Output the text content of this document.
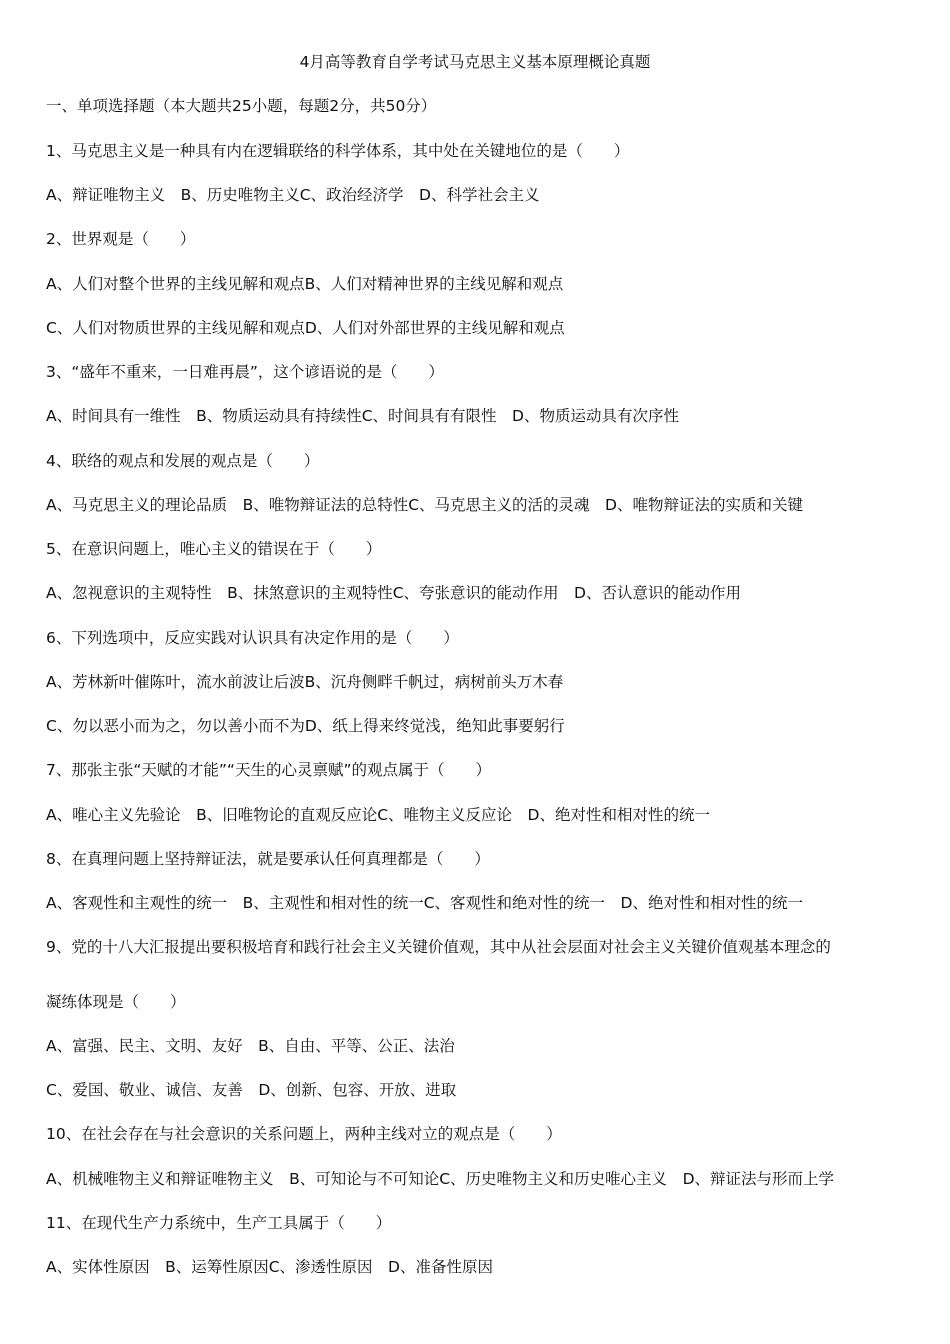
4月高等教育自学考试马克思主义基本原理概论真题
一、单项选择题（本大题共25小题，每题2分，共50分）
1、马克思主义是一种具有内在逻辑联络的科学体系，其中处在关键地位的是（　　）
A、辩证唯物主义　B、历史唯物主义C、政治经济学　D、科学社会主义
2、世界观是（　　）
A、人们对整个世界的主线见解和观点B、人们对精神世界的主线见解和观点
C、人们对物质世界的主线见解和观点D、人们对外部世界的主线见解和观点
3、“盛年不重来，一日难再晨”，这个谚语说的是（　　）
A、时间具有一维性　B、物质运动具有持续性C、时间具有有限性　D、物质运动具有次序性
4、联络的观点和发展的观点是（　　）
A、马克思主义的理论品质　B、唯物辩证法的总特性C、马克思主义的活的灵魂　D、唯物辩证法的实质和关键
5、在意识问题上，唯心主义的错误在于（　　）
A、忽视意识的主观特性　B、抹煞意识的主观特性C、夸张意识的能动作用　D、否认意识的能动作用
6、下列选项中，反应实践对认识具有决定作用的是（　　）
A、芳林新叶催陈叶，流水前波让后波B、沉舟侧畔千帆过，病树前头万木春
C、勿以恶小而为之，勿以善小而不为D、纸上得来终觉浅，绝知此事要躬行
7、那张主张“天赋的才能”“天生的心灵禀赋”的观点属于（　　）
A、唯心主义先验论　B、旧唯物论的直观反应论C、唯物主义反应论　D、绝对性和相对性的统一
8、在真理问题上坚持辩证法，就是要承认任何真理都是（　　）
A、客观性和主观性的统一　B、主观性和相对性的统一C、客观性和绝对性的统一　D、绝对性和相对性的统一
9、党的十八大汇报提出要积极培育和践行社会主义关键价值观，其中从社会层面对社会主义关键价值观基本理念的
凝练体现是（　　）
A、富强、民主、文明、友好　B、自由、平等、公正、法治
C、爱国、敬业、诚信、友善　D、创新、包容、开放、进取
10、在社会存在与社会意识的关系问题上，两种主线对立的观点是（　　）
A、机械唯物主义和辩证唯物主义　B、可知论与不可知论C、历史唯物主义和历史唯心主义　D、辩证法与形而上学
11、在现代生产力系统中，生产工具属于（　　）
A、实体性原因　B、运筹性原因C、渗透性原因　D、准备性原因
